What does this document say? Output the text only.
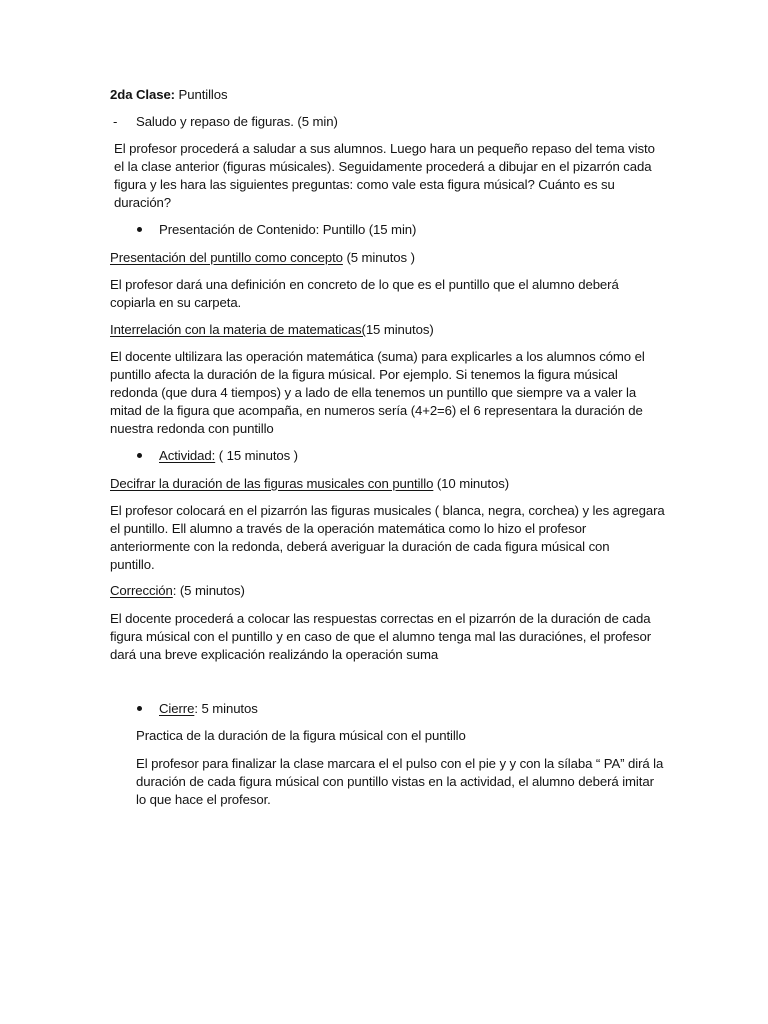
2da Clase: Puntillos
- Saludo y repaso de figuras. (5 min)
El profesor procederá a saludar a sus alumnos. Luego hara un pequeño repaso del tema visto
el la clase anterior (figuras músicales). Seguidamente procederá a dibujar en el pizarrón cada
figura y les hara las siguientes preguntas: como vale esta figura músical? Cuánto es su
duración?
Presentación de Contenido: Puntillo (15 min)
Presentación del puntillo como concepto (5 minutos )
El profesor dará una definición en concreto de lo que es el puntillo que el alumno deberá
copiarla en su carpeta.
Interrelación con la materia de matematicas(15 minutos)
El docente ultilizara las operación matemática (suma) para explicarles a los alumnos cómo el
puntillo afecta la duración de la figura músical. Por ejemplo. Si tenemos la figura músical
redonda (que dura 4 tiempos) y a lado de ella tenemos un puntillo que siempre va a valer la
mitad de la figura que acompaña, en numeros sería (4+2=6) el 6 representara la duración de
nuestra redonda con puntillo
Actividad: ( 15 minutos )
Decifrar la duración de las figuras musicales con puntillo (10 minutos)
El profesor colocará en el pizarrón las figuras musicales ( blanca, negra, corchea) y les agregara
el puntillo. Ell alumno a través de la operación matemática como lo hizo el profesor
anteriormente con la redonda, deberá averiguar la duración de cada figura músical con
puntillo.
Corrección: (5 minutos)
El docente procederá a colocar las respuestas correctas en el pizarrón de la duración de cada
figura músical con el puntillo y en caso de que el alumno tenga mal las duraciónes, el profesor
dará una breve explicación realizándo la operación suma
Cierre: 5 minutos
Practica de la duración de la figura músical con el puntillo
El profesor para finalizar la clase marcara el el pulso con el pie y y con la sílaba “ PA” dirá la
duración de cada figura músical con puntillo vistas en la actividad, el alumno deberá imitar
lo que hace el profesor.
